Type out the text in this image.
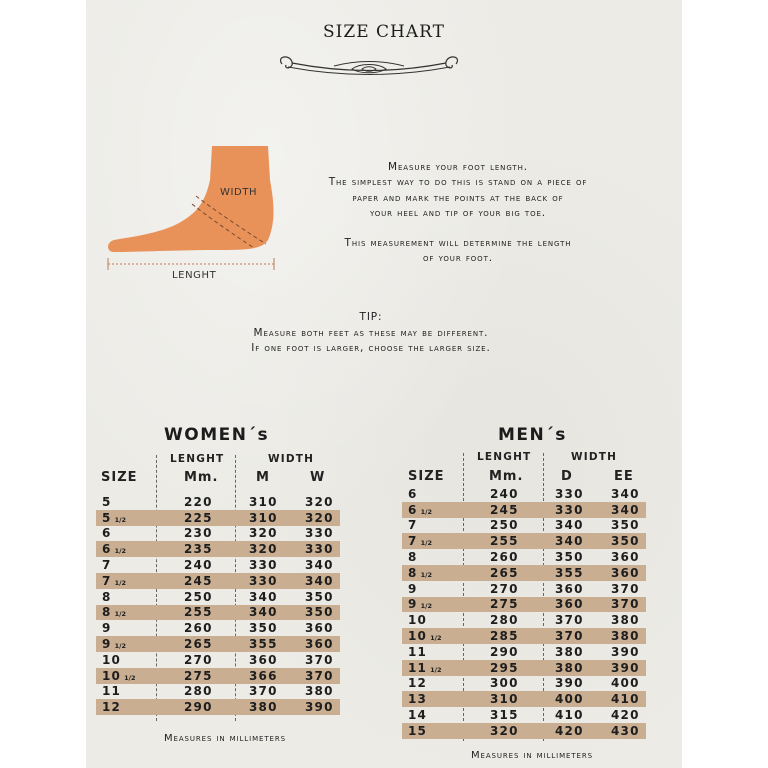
SIZE CHART
WIDTH
LENGHT
Measure your foot length.
The simplest way to do this is stand on a piece of
paper and mark the points at the back of
your heel and tip of your big toe.
This measurement will determine the length
of your foot.
TIP:
Measure both feet as these may be different.
If one foot is larger, choose the larger size.
WOMEN´s
LENGHT	WIDTH
SIZE	Mm.	M	W
5	220	310 320
5 1/2	225	310 320
6	230	320 330
6 1/2	235	320 330
7	240	330 340
7 1/2	245	330 340
8	250	340 350
8 1/2	255	340 350
9	260	350 360
9 1/2	265	355 360
10	270	360 370
10 1/2	275	366 370
11	280	370 380
12	290	380 390
Measures in millimeters
MEN´s
LENGHT	WIDTH
SIZE	Mm.	D	EE
6	240	330 340
6 1/2	245	330 340
7	250	340 350
7 1/2	255	340 350
8	260	350 360
8 1/2	265	355 360
9	270	360 370
9 1/2	275	360 370
10	280	370 380
10 1/2	285	370 380
11	290	380 390
11 1/2	295	380 390
12	300	390 400
13	310	400 410
14	315	410 420
15	320	420 430
Measures in millimeters
